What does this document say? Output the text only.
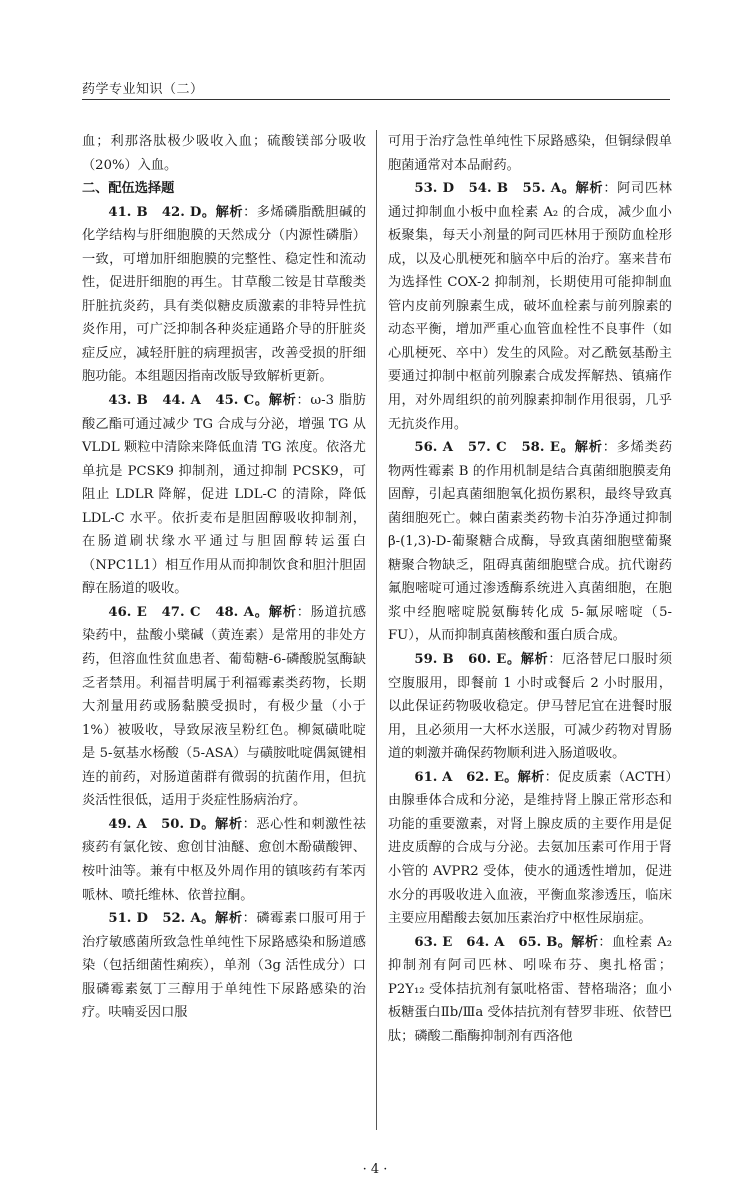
药学专业知识（二）

血；利那洛肽极少吸收入血；硫酸镁部分吸收（20%）入血。

二、配伍选择题

41. B　42. D。解析：多烯磷脂酰胆碱的化学结构与肝细胞膜的天然成分（内源性磷脂）一致，可增加肝细胞膜的完整性、稳定性和流动性，促进肝细胞的再生。甘草酸二铵是甘草酸类肝脏抗炎药，具有类似糖皮质激素的非特异性抗炎作用，可广泛抑制各种炎症通路介导的肝脏炎症反应，减轻肝脏的病理损害，改善受损的肝细胞功能。本组题因指南改版导致解析更新。

43. B　44. A　45. C。解析：ω-3 脂肪酸乙酯可通过减少 TG 合成与分泌，增强 TG 从 VLDL 颗粒中清除来降低血清 TG 浓度。依洛尤单抗是 PCSK9 抑制剂，通过抑制 PCSK9，可阻止 LDLR 降解，促进 LDL-C 的清除，降低 LDL-C 水平。依折麦布是胆固醇吸收抑制剂，在肠道刷状缘水平通过与胆固醇转运蛋白（NPC1L1）相互作用从而抑制饮食和胆汁胆固醇在肠道的吸收。

46. E　47. C　48. A。解析：肠道抗感染药中，盐酸小檗碱（黄连素）是常用的非处方药，但溶血性贫血患者、葡萄糖-6-磷酸脱氢酶缺乏者禁用。利福昔明属于利福霉素类药物，长期大剂量用药或肠黏膜受损时，有极少量（小于 1%）被吸收，导致尿液呈粉红色。柳氮磺吡啶是 5-氨基水杨酸（5-ASA）与磺胺吡啶偶氮键相连的前药，对肠道菌群有微弱的抗菌作用，但抗炎活性很低，适用于炎症性肠病治疗。

49. A　50. D。解析：恶心性和刺激性祛痰药有氯化铵、愈创甘油醚、愈创木酚磺酸钾、桉叶油等。兼有中枢及外周作用的镇咳药有苯丙哌林、喷托维林、依普拉酮。

51. D　52. A。解析：磷霉素口服可用于治疗敏感菌所致急性单纯性下尿路感染和肠道感染（包括细菌性痢疾），单剂（3g 活性成分）口服磷霉素氨丁三醇用于单纯性下尿路感染的治疗。呋喃妥因口服

可用于治疗急性单纯性下尿路感染，但铜绿假单胞菌通常对本品耐药。

53. D　54. B　55. A。解析：阿司匹林通过抑制血小板中血栓素 A₂ 的合成，减少血小板聚集，每天小剂量的阿司匹林用于预防血栓形成，以及心肌梗死和脑卒中后的治疗。塞来昔布为选择性 COX-2 抑制剂，长期使用可能抑制血管内皮前列腺素生成，破坏血栓素与前列腺素的动态平衡，增加严重心血管血栓性不良事件（如心肌梗死、卒中）发生的风险。对乙酰氨基酚主要通过抑制中枢前列腺素合成发挥解热、镇痛作用，对外周组织的前列腺素抑制作用很弱，几乎无抗炎作用。

56. A　57. C　58. E。解析：多烯类药物两性霉素 B 的作用机制是结合真菌细胞膜麦角固醇，引起真菌细胞氧化损伤累积，最终导致真菌细胞死亡。棘白菌素类药物卡泊芬净通过抑制 β-(1,3)-D-葡聚糖合成酶，导致真菌细胞壁葡聚糖聚合物缺乏，阻碍真菌细胞壁合成。抗代谢药氟胞嘧啶可通过渗透酶系统进入真菌细胞，在胞浆中经胞嘧啶脱氨酶转化成 5-氟尿嘧啶（5-FU），从而抑制真菌核酸和蛋白质合成。

59. B　60. E。解析：厄洛替尼口服时须空腹服用，即餐前 1 小时或餐后 2 小时服用，以此保证药物吸收稳定。伊马替尼宜在进餐时服用，且必须用一大杯水送服，可减少药物对胃肠道的刺激并确保药物顺利进入肠道吸收。

61. A　62. E。解析：促皮质素（ACTH）由腺垂体合成和分泌，是维持肾上腺正常形态和功能的重要激素，对肾上腺皮质的主要作用是促进皮质醇的合成与分泌。去氨加压素可作用于肾小管的 AVPR2 受体，使水的通透性增加，促进水分的再吸收进入血液，平衡血浆渗透压，临床主要应用醋酸去氨加压素治疗中枢性尿崩症。

63. E　64. A　65. B。解析：血栓素 A₂ 抑制剂有阿司匹林、吲哚布芬、奥扎格雷；P2Y₁₂ 受体拮抗剂有氯吡格雷、替格瑞洛；血小板糖蛋白Ⅱb/Ⅲa 受体拮抗剂有替罗非班、依替巴肽；磷酸二酯酶抑制剂有西洛他

· 4 ·
